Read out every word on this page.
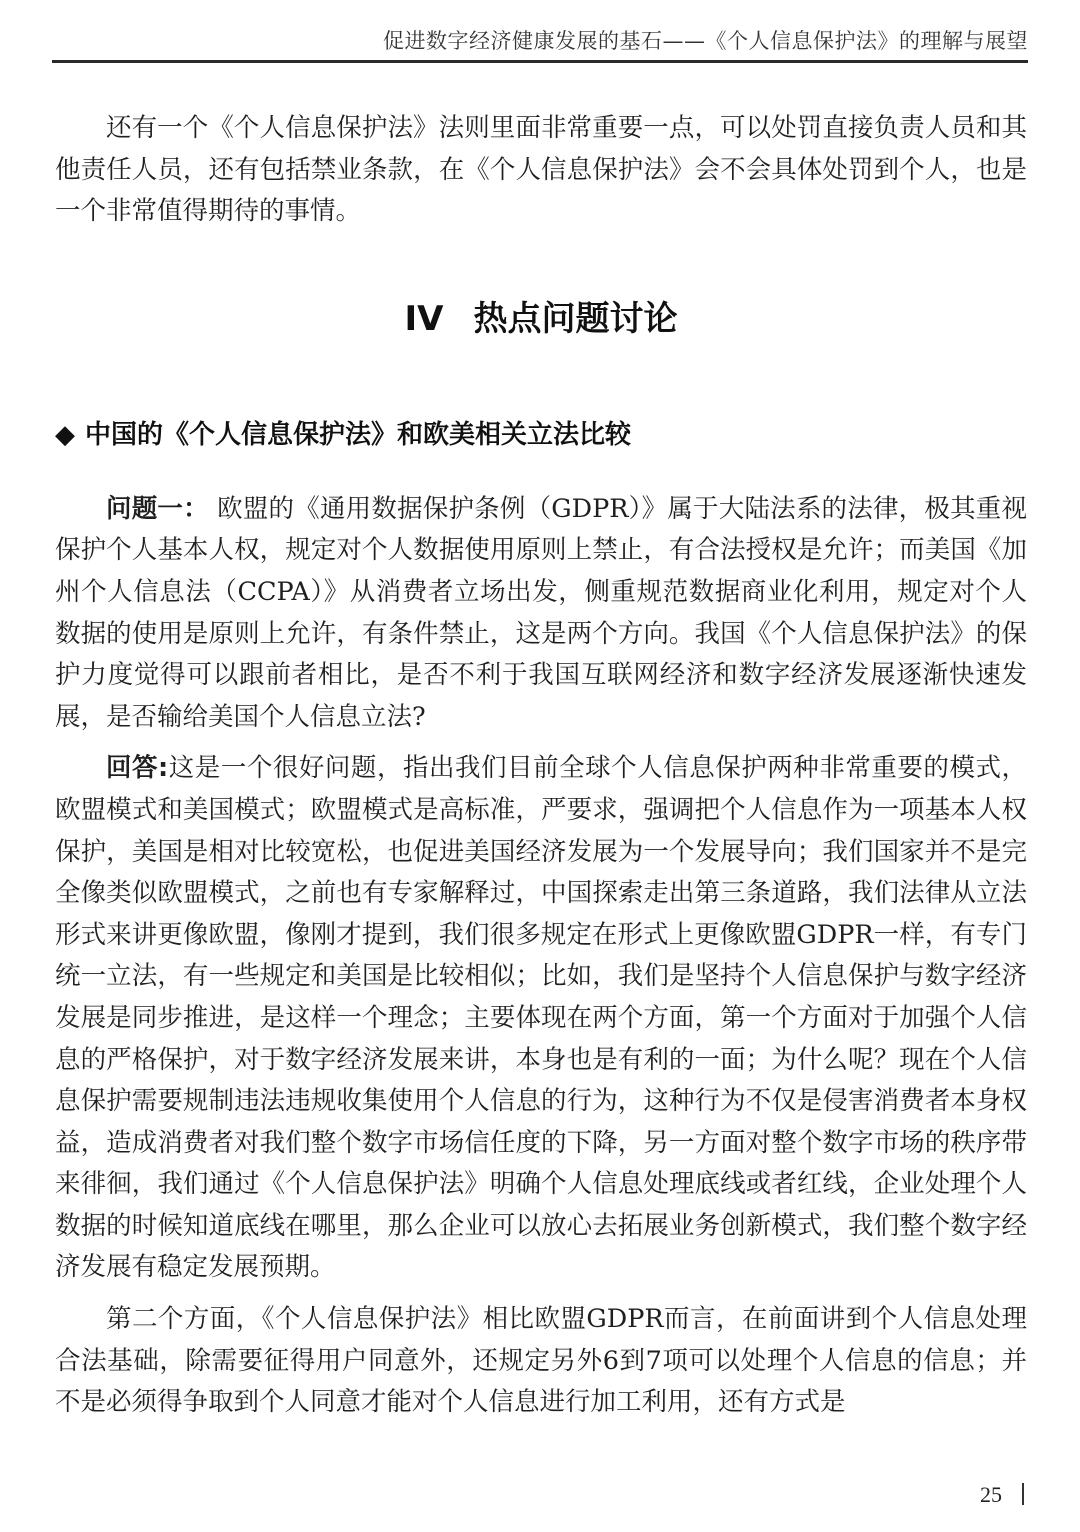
促进数字经济健康发展的基石——《个人信息保护法》的理解与展望

还有一个《个人信息保护法》法则里面非常重要一点，可以处罚直接负责人员和其他责任人员，还有包括禁业条款，在《个人信息保护法》会不会具体处罚到个人，也是一个非常值得期待的事情。

IV 热点问题讨论
◆ 中国的《个人信息保护法》和欧美相关立法比较

问题一： 欧盟的《通用数据保护条例（GDPR）》属于大陆法系的法律，极其重视保护个人基本人权，规定对个人数据使用原则上禁止，有合法授权是允许；而美国《加州个人信息法（CCPA）》从消费者立场出发，侧重规范数据商业化利用，规定对个人数据的使用是原则上允许，有条件禁止，这是两个方向。我国《个人信息保护法》的保护力度觉得可以跟前者相比，是否不利于我国互联网经济和数字经济发展逐渐快速发展，是否输给美国个人信息立法?

回答:这是一个很好问题，指出我们目前全球个人信息保护两种非常重要的模式，欧盟模式和美国模式；欧盟模式是高标准，严要求，强调把个人信息作为一项基本人权保护，美国是相对比较宽松，也促进美国经济发展为一个发展导向；我们国家并不是完全像类似欧盟模式，之前也有专家解释过，中国探索走出第三条道路，我们法律从立法形式来讲更像欧盟，像刚才提到，我们很多规定在形式上更像欧盟GDPR一样，有专门统一立法，有一些规定和美国是比较相似；比如，我们是坚持个人信息保护与数字经济发展是同步推进，是这样一个理念；主要体现在两个方面，第一个方面对于加强个人信息的严格保护，对于数字经济发展来讲，本身也是有利的一面；为什么呢？现在个人信息保护需要规制违法违规收集使用个人信息的行为，这种行为不仅是侵害消费者本身权益，造成消费者对我们整个数字市场信任度的下降，另一方面对整个数字市场的秩序带来徘徊，我们通过《个人信息保护法》明确个人信息处理底线或者红线，企业处理个人数据的时候知道底线在哪里，那么企业可以放心去拓展业务创新模式，我们整个数字经济发展有稳定发展预期。

第二个方面，《个人信息保护法》相比欧盟GDPR而言，在前面讲到个人信息处理合法基础，除需要征得用户同意外，还规定另外6到7项可以处理个人信息的信息；并不是必须得争取到个人同意才能对个人信息进行加工利用，还有方式是

25
